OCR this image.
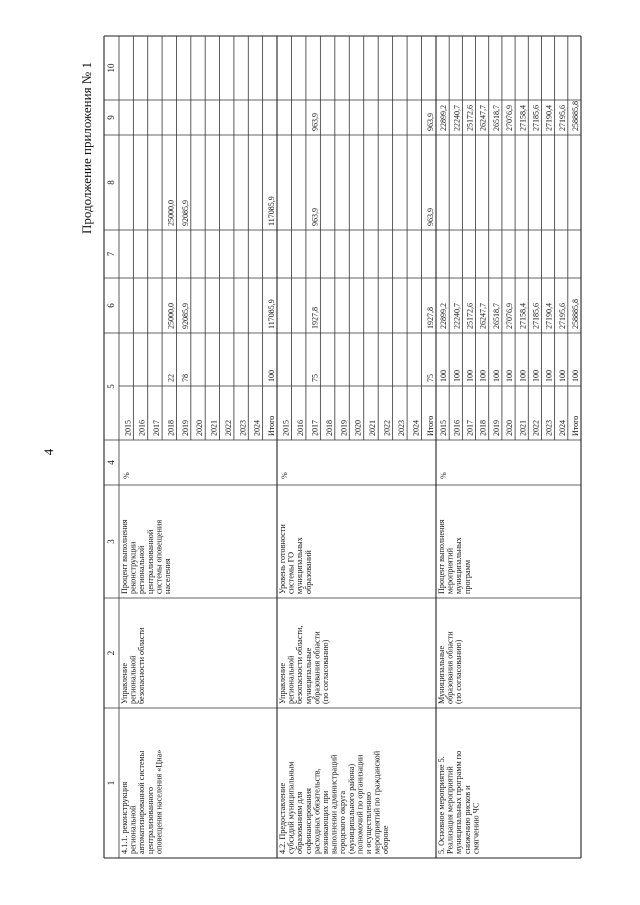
4
Продолжение приложения № 1
1
2
3
4
5
6
7
8
9
10
4.1.1. реконструкция региональной автоматизированной системы централизованного оповещения населения «Цна»
Управление региональной безопасности области
Процент выполнения реконструкции региональной централизованной системы оповещения населения
%
2015 2016 2017 2018
22
25000,0
25000,0
2019
78
92085,9
92085,9
2020 2021 2022 2023 2024 Итого
100
117085,9
117085,9
4.2. Предоставление субсидий муниципальным образованиям для софинансирования расходных обязательств, возникающих при выполнении администраций городского округа (муниципального района) полномочий по организации и осуществлению мероприятий по гражданской обороне
Управление региональной безопасности области, муниципальные образования области (по согласованию)
Уровень готовности системы ГО муниципальных образований
%
2015 2016 2017
75
1927,8
963,9
963,9
2018 2019 2020 2021 2022 2023 2024 Итого
75
1927,8
963,9
963,9
5. Основное мероприятие 5. Реализация мероприятий муниципальных программ по снижению рисков и смягчению ЧС
Муниципальные образования области (по согласованию)
Процент выполнения мероприятий муниципальных программ
%
2015
100
22899,2
22899,2
2016
100
22240,7
22240,7
2017
100
25172,6
25172,6
2018
100
26247,7
26247,7
2019
100
26518,7
26518,7
2020
100
27076,9
27076,9
2021
100
27158,4
27158,4
2022
100
27185,6
27185,6
2023
100
27190,4
27190,4
2024
100
27195,6
27195,6
Итого
100
258885,8
258885,8
